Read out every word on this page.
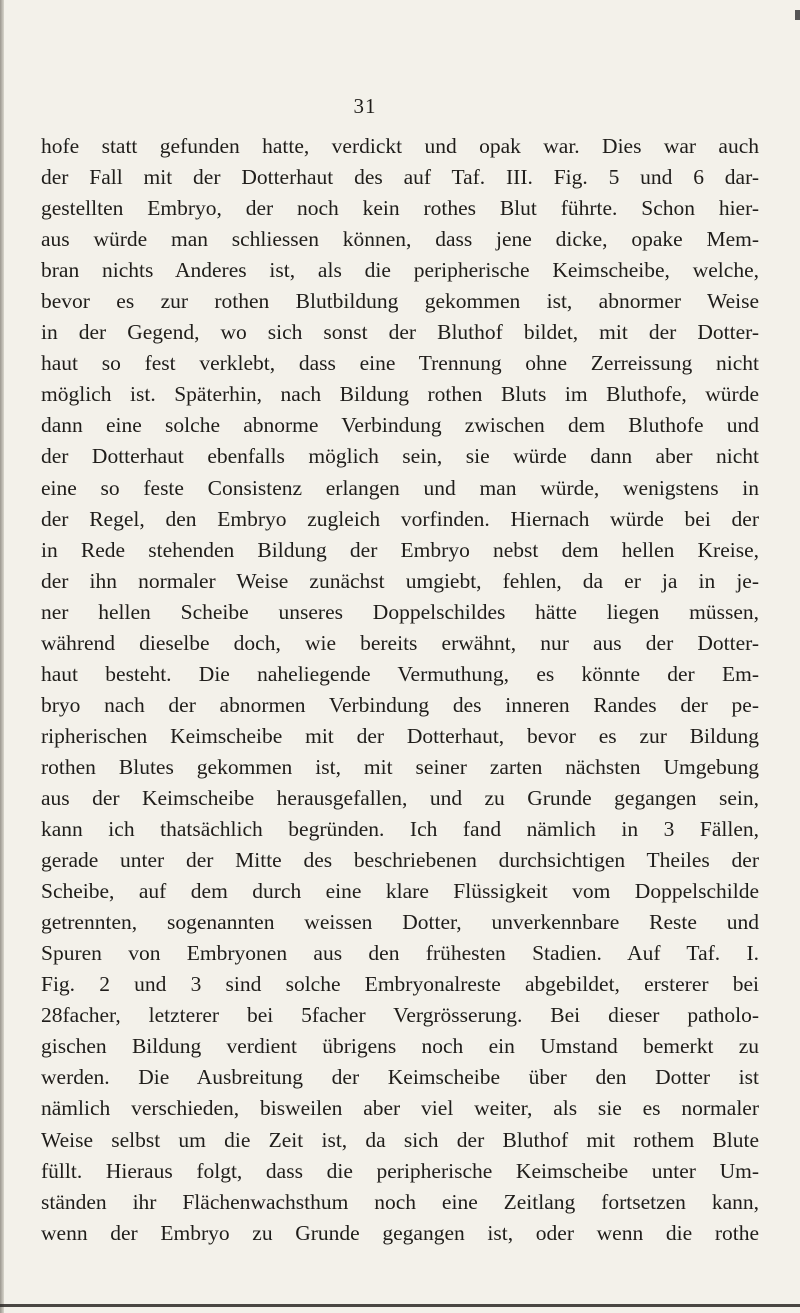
31
hofe statt gefunden hatte, verdickt und opak war. Dies war auch
der Fall mit der Dotterhaut des auf Taf. III. Fig. 5 und 6 dar-
gestellten Embryo, der noch kein rothes Blut führte. Schon hier-
aus würde man schliessen können, dass jene dicke, opake Mem-
bran nichts Anderes ist, als die peripherische Keimscheibe, welche,
bevor es zur rothen Blutbildung gekommen ist, abnormer Weise
in der Gegend, wo sich sonst der Bluthof bildet, mit der Dotter-
haut so fest verklebt, dass eine Trennung ohne Zerreissung nicht
möglich ist. Späterhin, nach Bildung rothen Bluts im Bluthofe, würde
dann eine solche abnorme Verbindung zwischen dem Bluthofe und
der Dotterhaut ebenfalls möglich sein, sie würde dann aber nicht
eine so feste Consistenz erlangen und man würde, wenigstens in
der Regel, den Embryo zugleich vorfinden. Hiernach würde bei der
in Rede stehenden Bildung der Embryo nebst dem hellen Kreise,
der ihn normaler Weise zunächst umgiebt, fehlen, da er ja in je-
ner hellen Scheibe unseres Doppelschildes hätte liegen müssen,
während dieselbe doch, wie bereits erwähnt, nur aus der Dotter-
haut besteht. Die naheliegende Vermuthung, es könnte der Em-
bryo nach der abnormen Verbindung des inneren Randes der pe-
ripherischen Keimscheibe mit der Dotterhaut, bevor es zur Bildung
rothen Blutes gekommen ist, mit seiner zarten nächsten Umgebung
aus der Keimscheibe herausgefallen, und zu Grunde gegangen sein,
kann ich thatsächlich begründen. Ich fand nämlich in 3 Fällen,
gerade unter der Mitte des beschriebenen durchsichtigen Theiles der
Scheibe, auf dem durch eine klare Flüssigkeit vom Doppelschilde
getrennten, sogenannten weissen Dotter, unverkennbare Reste und
Spuren von Embryonen aus den frühesten Stadien. Auf Taf. I.
Fig. 2 und 3 sind solche Embryonalreste abgebildet, ersterer bei
28facher, letzterer bei 5facher Vergrösserung. Bei dieser patholo-
gischen Bildung verdient übrigens noch ein Umstand bemerkt zu
werden. Die Ausbreitung der Keimscheibe über den Dotter ist
nämlich verschieden, bisweilen aber viel weiter, als sie es normaler
Weise selbst um die Zeit ist, da sich der Bluthof mit rothem Blute
füllt. Hieraus folgt, dass die peripherische Keimscheibe unter Um-
ständen ihr Flächenwachsthum noch eine Zeitlang fortsetzen kann,
wenn der Embryo zu Grunde gegangen ist, oder wenn die rothe
